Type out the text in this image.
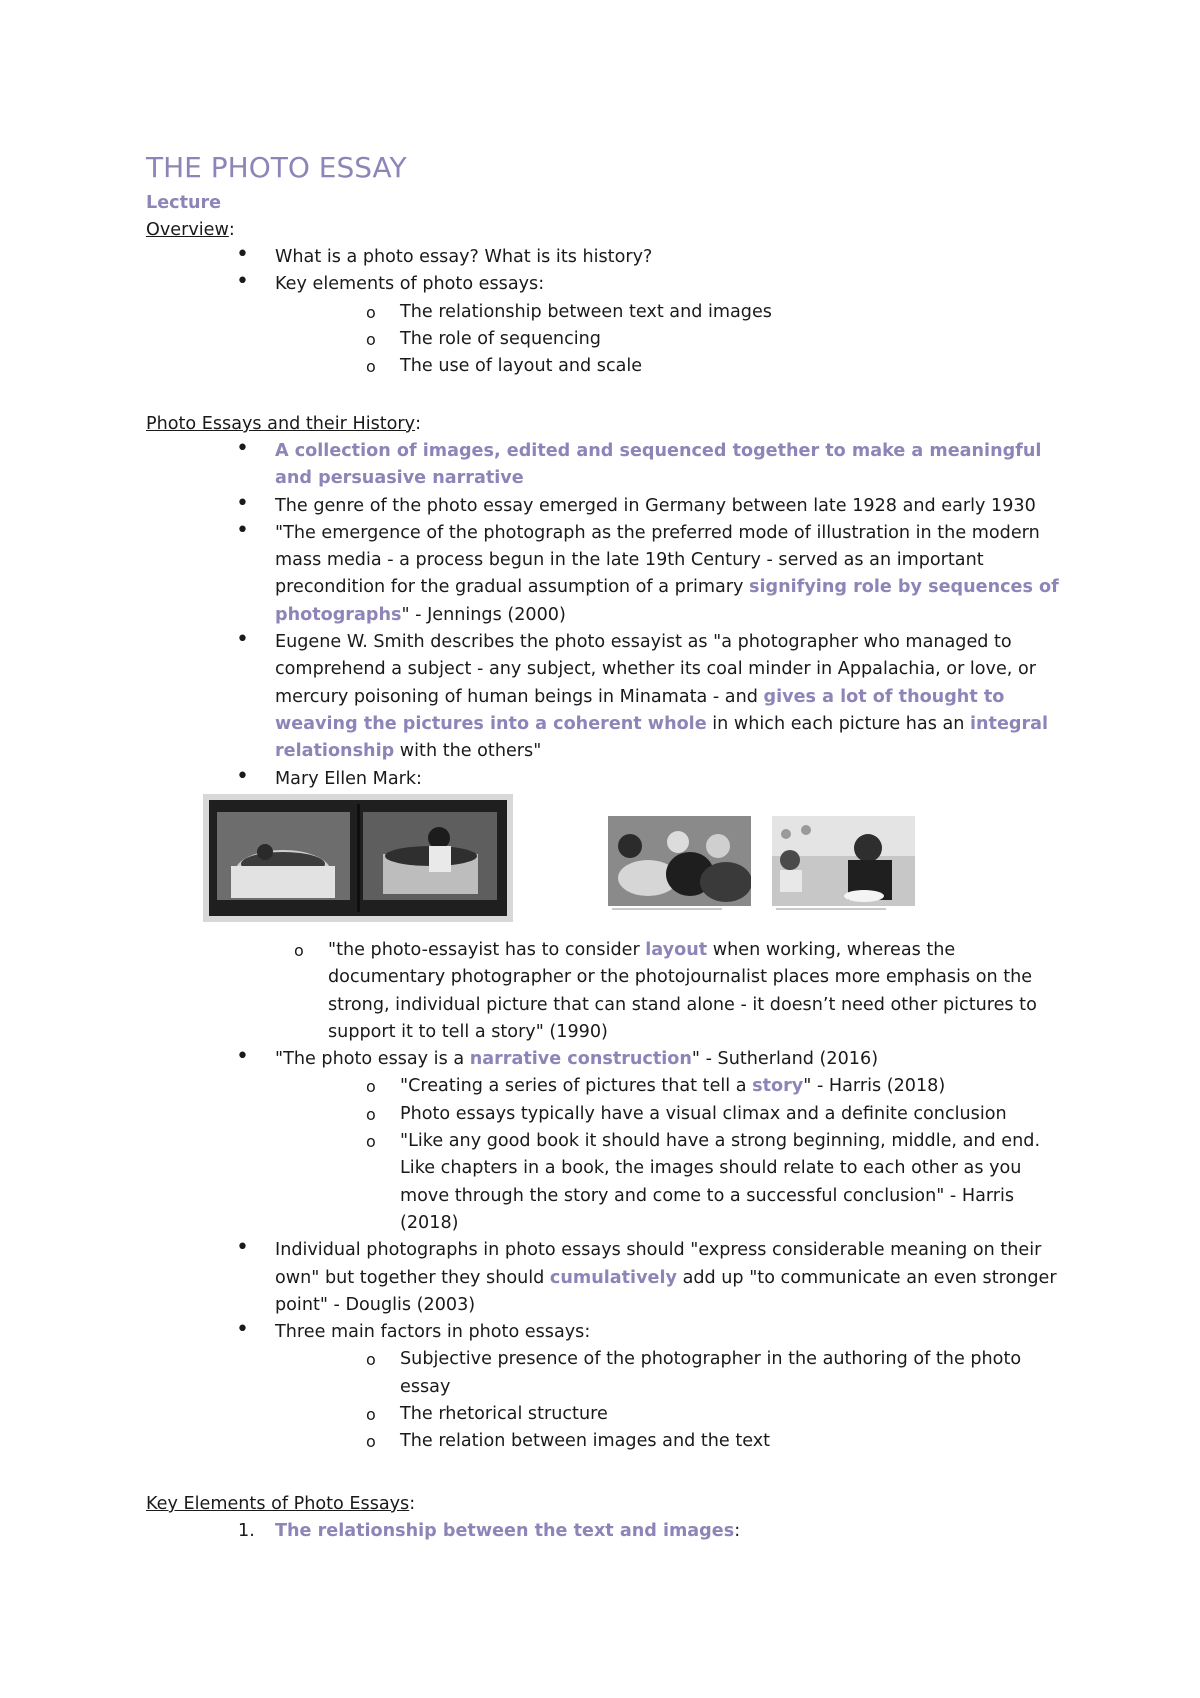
THE PHOTO ESSAY

Lecture

Overview:

• What is a photo essay? What is its history?
• Key elements of photo essays:
o The relationship between text and images
o The role of sequencing
o The use of layout and scale

Photo Essays and their History:

• A collection of images, edited and sequenced together to make a meaningful and persuasive narrative
• The genre of the photo essay emerged in Germany between late 1928 and early 1930
• "The emergence of the photograph as the preferred mode of illustration in the modern mass media - a process begun in the late 19th Century - served as an important precondition for the gradual assumption of a primary signifying role by sequences of photographs" - Jennings (2000)
• Eugene W. Smith describes the photo essayist as "a photographer who managed to comprehend a subject - any subject, whether its coal minder in Appalachia, or love, or mercury poisoning of human beings in Minamata - and gives a lot of thought to weaving the pictures into a coherent whole in which each picture has an integral relationship with the others"
• Mary Ellen Mark:
o "the photo-essayist has to consider layout when working, whereas the documentary photographer or the photojournalist places more emphasis on the strong, individual picture that can stand alone - it doesn’t need other pictures to support it to tell a story" (1990)
• "The photo essay is a narrative construction" - Sutherland (2016)
o "Creating a series of pictures that tell a story" - Harris (2018)
o Photo essays typically have a visual climax and a definite conclusion
o "Like any good book it should have a strong beginning, middle, and end. Like chapters in a book, the images should relate to each other as you move through the story and come to a successful conclusion" - Harris (2018)
• Individual photographs in photo essays should "express considerable meaning on their own" but together they should cumulatively add up "to communicate an even stronger point" - Douglis (2003)
• Three main factors in photo essays:
o Subjective presence of the photographer in the authoring of the photo essay
o The rhetorical structure
o The relation between images and the text

Key Elements of Photo Essays:

1. The relationship between the text and images:
